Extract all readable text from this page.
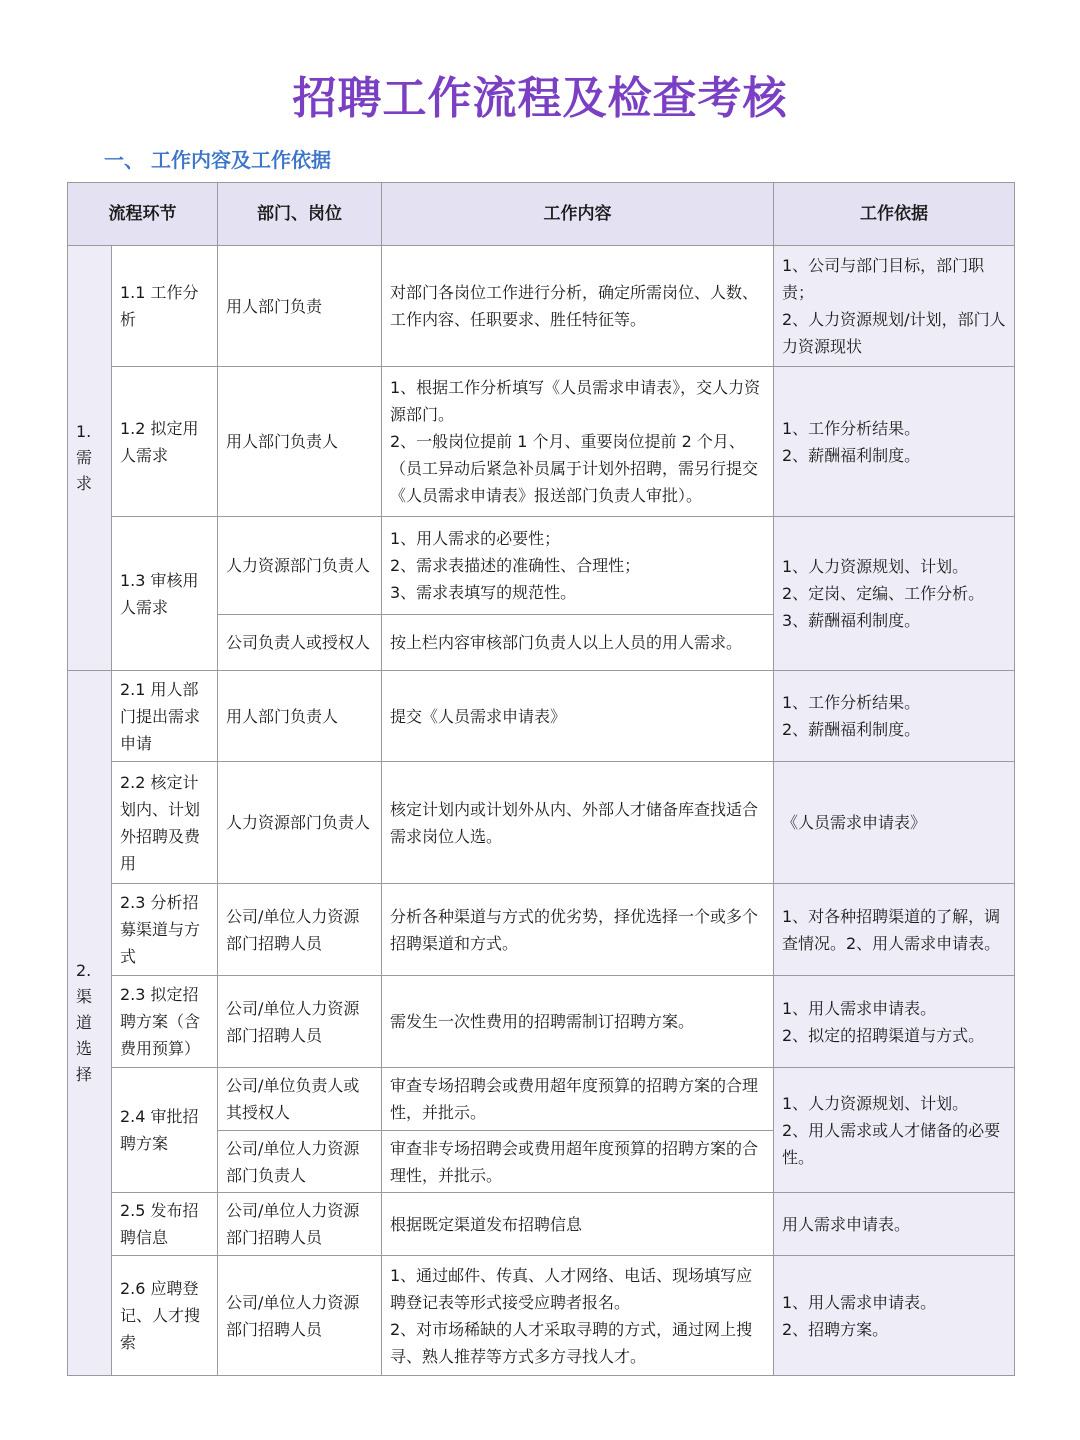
招聘工作流程及检查考核
一、 工作内容及工作依据
流程环节		部门、岗位	工作内容	工作依据

1.
需
求	1.1 工作分析	用人部门负责	对部门各岗位工作进行分析，确定所需岗位、人数、工作内容、任职要求、胜任特征等。	1、公司与部门目标，部门职责；
2、人力资源规划/计划，部门人力资源现状
	1.2 拟定用人需求	用人部门负责人	1、根据工作分析填写《人员需求申请表》，交人力资源部门。
2、一般岗位提前 1 个月、重要岗位提前 2 个月、（员工异动后紧急补员属于计划外招聘，需另行提交《人员需求申请表》报送部门负责人审批）。	1、工作分析结果。
2、薪酬福利制度。
	1.3 审核用人需求	人力资源部门负责人	1、用人需求的必要性；
2、需求表描述的准确性、合理性；
3、需求表填写的规范性。	1、人力资源规划、计划。
2、定岗、定编、工作分析。
3、薪酬福利制度。
		公司负责人或授权人	按上栏内容审核部门负责人以上人员的用人需求。	

2.
渠
道
选
择	2.1 用人部门提出需求申请	用人部门负责人	提交《人员需求申请表》	1、工作分析结果。
2、薪酬福利制度。
	2.2 核定计划内、计划外招聘及费用	人力资源部门负责人	核定计划内或计划外从内、外部人才储备库查找适合需求岗位人选。	《人员需求申请表》
	2.3 分析招募渠道与方式	公司/单位人力资源部门招聘人员	分析各种渠道与方式的优劣势，择优选择一个或多个招聘渠道和方式。	1、对各种招聘渠道的了解，调查情况。2、用人需求申请表。
	2.3 拟定招聘方案（含费用预算）	公司/单位人力资源部门招聘人员	需发生一次性费用的招聘需制订招聘方案。	1、用人需求申请表。
2、拟定的招聘渠道与方式。
	2.4 审批招聘方案	公司/单位负责人或其授权人	审查专场招聘会或费用超年度预算的招聘方案的合理性，并批示。	1、人力资源规划、计划。
2、用人需求或人才储备的必要性。
		公司/单位人力资源部门负责人	审查非专场招聘会或费用超年度预算的招聘方案的合理性，并批示。	
	2.5 发布招聘信息	公司/单位人力资源部门招聘人员	根据既定渠道发布招聘信息	用人需求申请表。
	2.6 应聘登记、人才搜索	公司/单位人力资源部门招聘人员	1、通过邮件、传真、人才网络、电话、现场填写应聘登记表等形式接受应聘者报名。
2、对市场稀缺的人才采取寻聘的方式，通过网上搜寻、熟人推荐等方式多方寻找人才。	1、用人需求申请表。
2、招聘方案。
